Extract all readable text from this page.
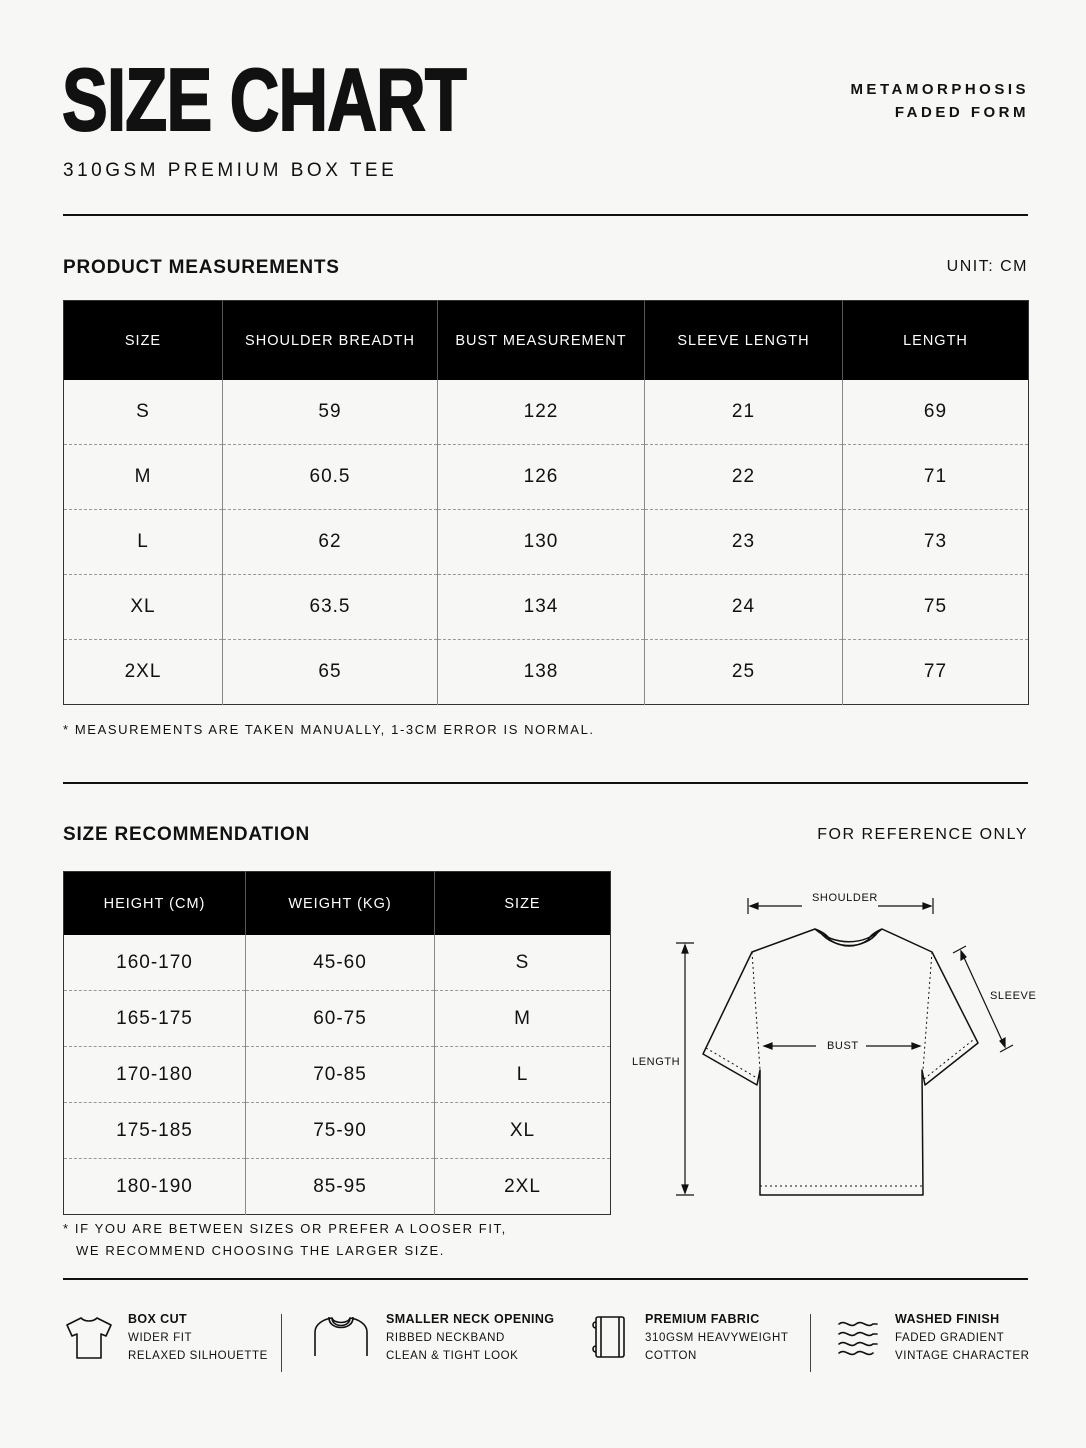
SIZE CHART
310GSM PREMIUM BOX TEE
METAMORPHOSIS
FADED FORM
PRODUCT MEASUREMENTS	UNIT: CM
SIZE	SHOULDER BREADTH	BUST MEASUREMENT	SLEEVE LENGTH	LENGTH
S	59	122	21	69
M	60.5	126	22	71
L	62	130	23	73
XL	63.5	134	24	75
2XL	65	138	25	77
* MEASUREMENTS ARE TAKEN MANUALLY, 1-3CM ERROR IS NORMAL.
SIZE RECOMMENDATION	FOR REFERENCE ONLY
HEIGHT (CM)	WEIGHT (KG)	SIZE
160-170	45-60	S
165-175	60-75	M
170-180	70-85	L
175-185	75-90	XL
180-190	85-95	2XL
* IF YOU ARE BETWEEN SIZES OR PREFER A LOOSER FIT,
WE RECOMMEND CHOOSING THE LARGER SIZE.
SHOULDER
SLEEVE
BUST
LENGTH
BOX CUT
WIDER FIT
RELAXED SILHOUETTE
SMALLER NECK OPENING
RIBBED NECKBAND
CLEAN & TIGHT LOOK
PREMIUM FABRIC
310GSM HEAVYWEIGHT
COTTON
WASHED FINISH
FADED GRADIENT
VINTAGE CHARACTER
